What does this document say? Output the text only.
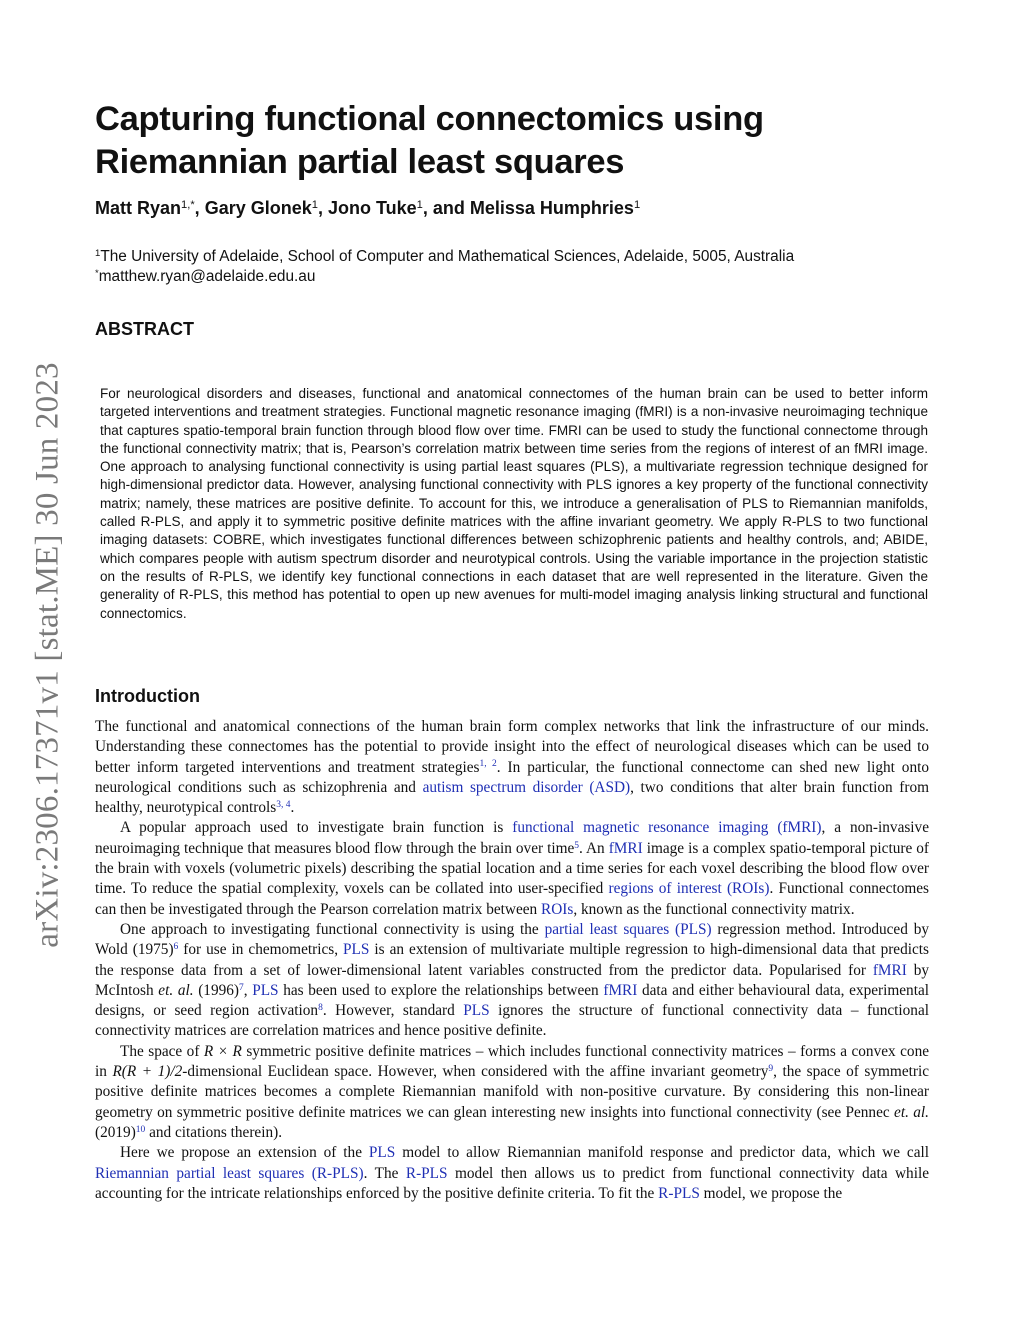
arXiv:2306.17371v1 [stat.ME] 30 Jun 2023
Capturing functional connectomics using Riemannian partial least squares
Matt Ryan$^{1,*}$, Gary Glonek$^1$, Jono Tuke$^1$, and Melissa Humphries$^1$
$^1$The University of Adelaide, School of Computer and Mathematical Sciences, Adelaide, 5005, Australia
*matthew.ryan@adelaide.edu.au
ABSTRACT

For neurological disorders and diseases, functional and anatomical connectomes of the human brain can be used to better inform targeted interventions and treatment strategies. Functional magnetic resonance imaging (fMRI) is a non-invasive neuroimaging technique that captures spatio-temporal brain function through blood flow over time. FMRI can be used to study the functional connectome through the functional connectivity matrix; that is, Pearson’s correlation matrix between time series from the regions of interest of an fMRI image. One approach to analysing functional connectivity is using partial least squares (PLS), a multivariate regression technique designed for high-dimensional predictor data. However, analysing functional connectivity with PLS ignores a key property of the functional connectivity matrix; namely, these matrices are positive definite. To account for this, we introduce a generalisation of PLS to Riemannian manifolds, called R-PLS, and apply it to symmetric positive definite matrices with the affine invariant geometry. We apply R-PLS to two functional imaging datasets: COBRE, which investigates functional differences between schizophrenic patients and healthy controls, and; ABIDE, which compares people with autism spectrum disorder and neurotypical controls. Using the variable importance in the projection statistic on the results of R-PLS, we identify key functional connections in each dataset that are well represented in the literature. Given the generality of R-PLS, this method has potential to open up new avenues for multi-model imaging analysis linking structural and functional connectomics.

Introduction

The functional and anatomical connections of the human brain form complex networks that link the infrastructure of our minds. Understanding these connectomes has the potential to provide insight into the effect of neurological diseases which can be used to better inform targeted interventions and treatment strategies$^{1, 2}$. In particular, the functional connectome can shed new light onto neurological conditions such as schizophrenia and autism spectrum disorder (ASD), two conditions that alter brain function from healthy, neurotypical controls$^{3, 4}$.

A popular approach used to investigate brain function is functional magnetic resonance imaging (fMRI), a non-invasive neuroimaging technique that measures blood flow through the brain over time$^5$. An fMRI image is a complex spatio-temporal picture of the brain with voxels (volumetric pixels) describing the spatial location and a time series for each voxel describing the blood flow over time. To reduce the spatial complexity, voxels can be collated into user-specified regions of interest (ROIs). Functional connectomes can then be investigated through the Pearson correlation matrix between ROIs, known as the functional connectivity matrix.

One approach to investigating functional connectivity is using the partial least squares (PLS) regression method. Introduced by Wold $(1975)^6$ for use in chemometrics, PLS is an extension of multivariate multiple regression to high-dimensional data that predicts the response data from a set of lower-dimensional latent variables constructed from the predictor data. Popularised for fMRI by McIntosh et. al. $(1996)^7$, PLS has been used to explore the relationships between fMRI data and either behavioural data, experimental designs, or seed region activation$^8$. However, standard PLS ignores the structure of functional connectivity data – functional connectivity matrices are correlation matrices and hence positive definite.

The space of R × R symmetric positive definite matrices – which includes functional connectivity matrices – forms a convex cone in R(R + 1)/2-dimensional Euclidean space. However, when considered with the affine invariant geometry$^9$, the space of symmetric positive definite matrices becomes a complete Riemannian manifold with non-positive curvature. By considering this non-linear geometry on symmetric positive definite matrices we can glean interesting new insights into functional connectivity (see Pennec et. al. $(2019)^{10}$ and citations therein).

Here we propose an extension of the PLS model to allow Riemannian manifold response and predictor data, which we call Riemannian partial least squares (R-PLS). The R-PLS model then allows us to predict from functional connectivity data while accounting for the intricate relationships enforced by the positive definite criteria. To fit the R-PLS model, we propose the
